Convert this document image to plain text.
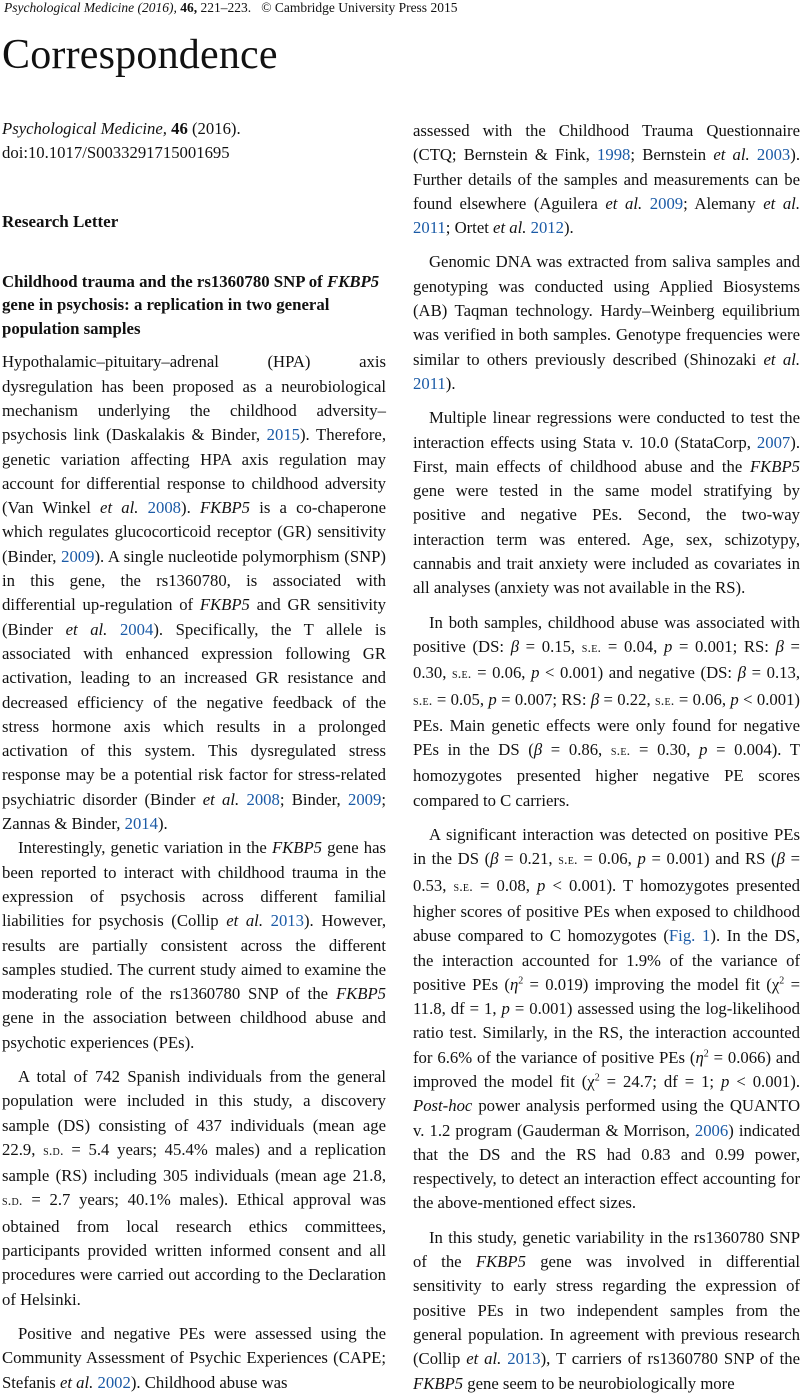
Psychological Medicine (2016), 46, 221–223. © Cambridge University Press 2015
Correspondence

Psychological Medicine, 46 (2016).

doi:10.1017/S0033291715001695

Research Letter

Childhood trauma and the rs1360780 SNP of FKBP5 gene in psychosis: a replication in two general population samples

Hypothalamic–pituitary–adrenal (HPA) axis dysregulation has been proposed as a neurobiological mechanism underlying the childhood adversity–psychosis link (Daskalakis & Binder, 2015). Therefore, genetic variation affecting HPA axis regulation may account for differential response to childhood adversity (Van Winkel et al. 2008). FKBP5 is a co-chaperone which regulates glucocorticoid receptor (GR) sensitivity (Binder, 2009). A single nucleotide polymorphism (SNP) in this gene, the rs1360780, is associated with differential up-regulation of FKBP5 and GR sensitivity (Binder et al. 2004). Specifically, the T allele is associated with enhanced expression following GR activation, leading to an increased GR resistance and decreased efficiency of the negative feedback of the stress hormone axis which results in a prolonged activation of this system. This dysregulated stress response may be a potential risk factor for stress-related psychiatric disorder (Binder et al. 2008; Binder, 2009; Zannas & Binder, 2014).

Interestingly, genetic variation in the FKBP5 gene has been reported to interact with childhood trauma in the expression of psychosis across different familial liabilities for psychosis (Collip et al. 2013). However, results are partially consistent across the different samples studied. The current study aimed to examine the moderating role of the rs1360780 SNP of the FKBP5 gene in the association between childhood abuse and psychotic experiences (PEs).

A total of 742 Spanish individuals from the general population were included in this study, a discovery sample (DS) consisting of 437 individuals (mean age 22.9, s.d. = 5.4 years; 45.4% males) and a replication sample (RS) including 305 individuals (mean age 21.8, s.d. = 2.7 years; 40.1% males). Ethical approval was obtained from local research ethics committees, participants provided written informed consent and all procedures were carried out according to the Declaration of Helsinki.

Positive and negative PEs were assessed using the Community Assessment of Psychic Experiences (CAPE; Stefanis et al. 2002). Childhood abuse was

assessed with the Childhood Trauma Questionnaire (CTQ; Bernstein & Fink, 1998; Bernstein et al. 2003). Further details of the samples and measurements can be found elsewhere (Aguilera et al. 2009; Alemany et al. 2011; Ortet et al. 2012).

Genomic DNA was extracted from saliva samples and genotyping was conducted using Applied Biosystems (AB) Taqman technology. Hardy–Weinberg equilibrium was verified in both samples. Genotype frequencies were similar to others previously described (Shinozaki et al. 2011).

Multiple linear regressions were conducted to test the interaction effects using Stata v. 10.0 (StataCorp, 2007). First, main effects of childhood abuse and the FKBP5 gene were tested in the same model stratifying by positive and negative PEs. Second, the two-way interaction term was entered. Age, sex, schizotypy, cannabis and trait anxiety were included as covariates in all analyses (anxiety was not available in the RS).

In both samples, childhood abuse was associated with positive (DS: β = 0.15, s.e. = 0.04, p = 0.001; RS: β = 0.30, s.e. = 0.06, p < 0.001) and negative (DS: β = 0.13, s.e. = 0.05, p = 0.007; RS: β = 0.22, s.e. = 0.06, p < 0.001) PEs. Main genetic effects were only found for negative PEs in the DS (β = 0.86, s.e. = 0.30, p = 0.004). T homozygotes presented higher negative PE scores compared to C carriers.

A significant interaction was detected on positive PEs in the DS (β = 0.21, s.e. = 0.06, p = 0.001) and RS (β = 0.53, s.e. = 0.08, p < 0.001). T homozygotes presented higher scores of positive PEs when exposed to childhood abuse compared to C homozygotes (Fig. 1). In the DS, the interaction accounted for 1.9% of the variance of positive PEs $(\eta^2 = 0.019)$ improving the model fit ($\chi^2 = 11.8$, df = 1, p = 0.001) assessed using the log-likelihood ratio test. Similarly, in the RS, the interaction accounted for 6.6% of the variance of positive PEs $(\eta^2 = 0.066)$ and improved the model fit ($\chi^2 = 24.7$; df = 1; p < 0.001). Post-hoc power analysis performed using the QUANTO v. 1.2 program (Gauderman & Morrison, 2006) indicated that the DS and the RS had 0.83 and 0.99 power, respectively, to detect an interaction effect accounting for the above-mentioned effect sizes.

In this study, genetic variability in the rs1360780 SNP of the FKBP5 gene was involved in differential sensitivity to early stress regarding the expression of positive PEs in two independent samples from the general population. In agreement with previous research (Collip et al. 2013), T carriers of rs1360780 SNP of the FKBP5 gene seem to be neurobiologically more
